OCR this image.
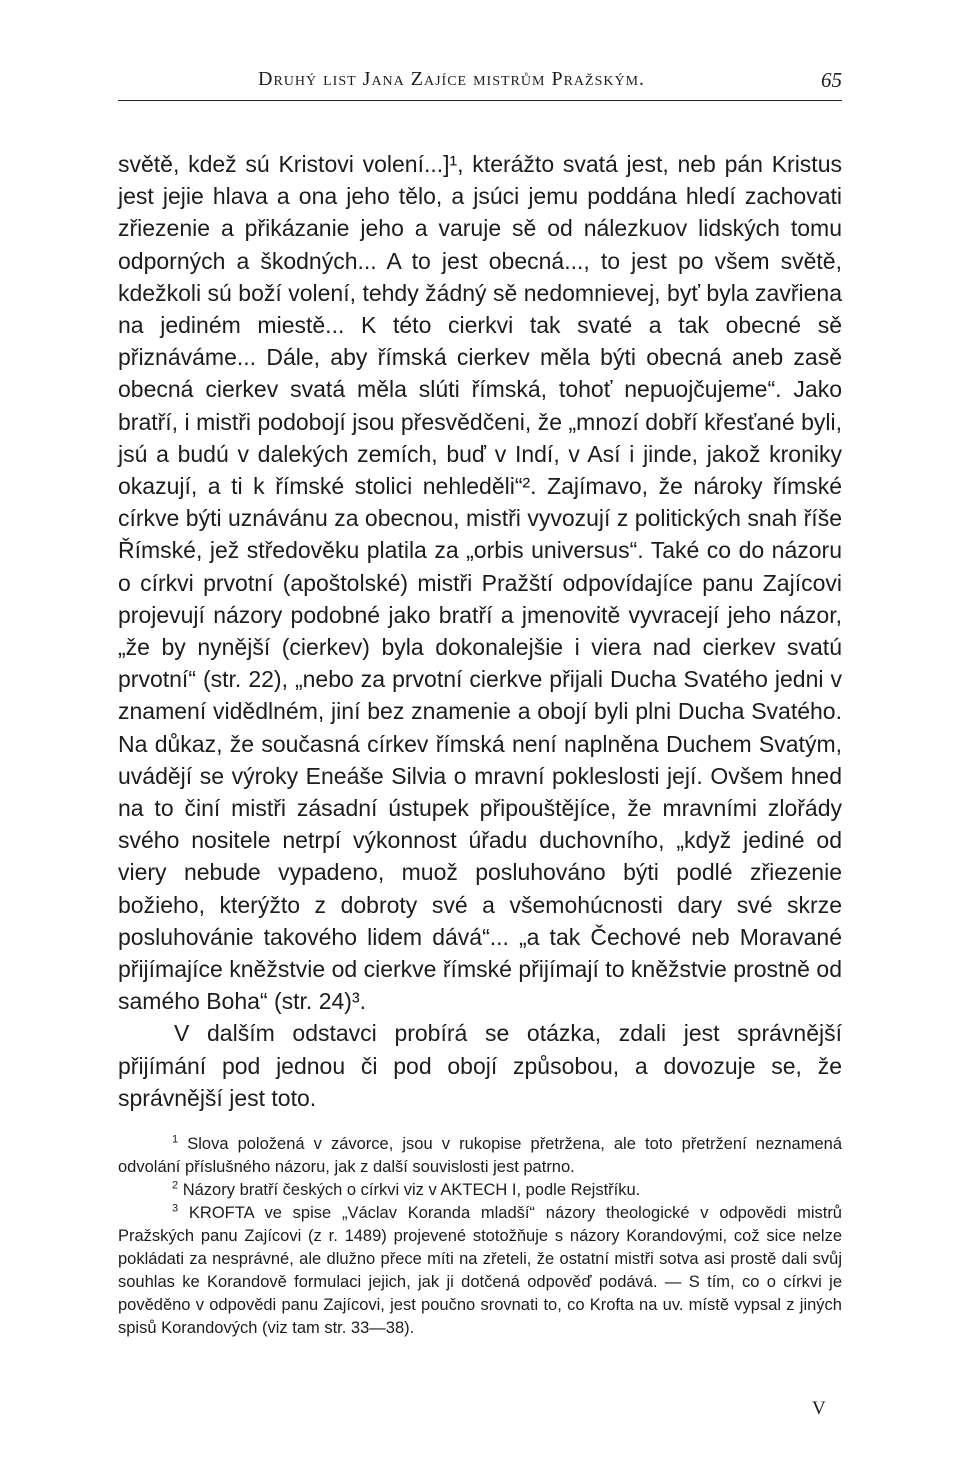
Druhý list Jana Zajíce mistrům Pražským.	65

světě, kdež sú Kristovi volení...]¹, kterážto svatá jest, neb pán Kristus jest jejie hlava a ona jeho tělo, a jsúci jemu poddána hledí zachovati zřiezenie a přikázanie jeho a varuje sě od nálezkuov lidských tomu odporných a škodných... A to jest obecná..., to jest po všem světě, kdežkoli sú boží volení, tehdy žádný sě nedomnievej, byť byla zavřiena na jediném miestě... K této cierkvi tak svaté a tak obecné sě přiznáváme... Dále, aby římská cierkev měla býti obecná aneb zasě obecná cierkev svatá měla slúti římská, tohoť nepuojčujeme“. Jako bratří, i mistři podobojí jsou přesvědčeni, že „mnozí dobří křesťané byli, jsú a budú v dalekých zemích, buď v Indí, v Así i jinde, jakož kroniky okazují, a ti k římské stolici nehleděli“². Zajímavo, že nároky římské církve býti uznávánu za obecnou, mistři vyvozují z politických snah říše Římské, jež středověku platila za „orbis universus“. Také co do názoru o církvi prvotní (apoštolské) mistři Pražští odpovídajíce panu Zajícovi projevují názory podobné jako bratří a jmenovitě vyvracejí jeho názor, „že by nynější (cierkev) byla dokonalejšie i viera nad cierkev svatú prvotní“ (str. 22), „nebo za prvotní cierkve přijali Ducha Svatého jedni v znamení vidědlném, jiní bez znamenie a obojí byli plni Ducha Svatého. Na důkaz, že současná církev římská není naplněna Duchem Svatým, uvádějí se výroky Eneáše Silvia o mravní pokleslosti její. Ovšem hned na to činí mistři zásadní ústupek připouštějíce, že mravními zlořády svého nositele netrpí výkonnost úřadu duchovního, „když jediné od viery nebude vypadeno, muož posluhováno býti podlé zřiezenie božieho, kterýžto z dobroty své a všemohúcnosti dary své skrze posluhovánie takového lidem dává“... „a tak Čechové neb Moravané přijímajíce kněžstvie od cierkve římské přijímají to kněžstvie prostně od samého Boha“ (str. 24)³.

V dalším odstavci probírá se otázka, zdali jest správnější přijímání pod jednou či pod obojí způsobou, a dovozuje se, že správnější jest toto.

$^1$ Slova položená v závorce, jsou v rukopise přetržena, ale toto přetržení neznamená odvolání příslušného názoru, jak z další souvislosti jest patrno.

$^2$ Názory bratří českých o církvi viz v AKTECH I, podle Rejstříku.

$^3$ KROFTA ve spise „Václav Koranda mladší“ názory theologické v odpovědi mistrů Pražských panu Zajícovi (z r. 1489) projevené stotožňuje s názory Korandovými, což sice nelze pokládati za nesprávné, ale dlužno přece míti na zřeteli, že ostatní mistři sotva asi prostě dali svůj souhlas ke Korandově formulaci jejich, jak ji dotčená odpověď podává. — S tím, co o církvi je pověděno v odpovědi panu Zajícovi, jest poučno srovnati to, co Krofta na uv. místě vypsal z jiných spisů Korandových (viz tam str. 33—38).

V
